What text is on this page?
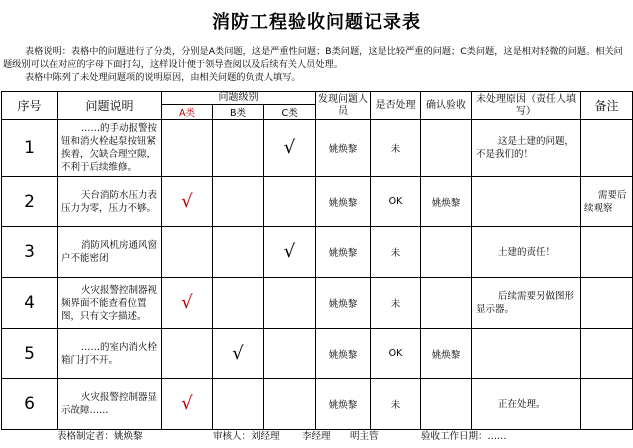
消防工程验收问题记录表

表格说明：表格中的问题进行了分类，分别是A类问题，这是严重性问题；B类问题，这是比较严重的问题；C类问题，这是相对轻微的问题。相关问题级别可以在对应的字母下面打勾，这样设计便于领导查阅以及后续有关人员处理。

表格中陈列了未处理问题项的说明原因，由相关问题的负责人填写。

序号	问题说明	问题级别			发现问题人员	是否处理	确认验收	未处理原因（责任人填写）	备注
		A类	B类	C类					
1	……的手动报警按钮和消火栓起泵按钮紧挨着，欠缺合理空隙，不利于后续维修。			√	姚焕黎	未		这是土建的问题，不是我们的！	

2	天台消防水压力表压力为零，压力不够。	√			姚焕黎	OK	姚焕黎		需要后续观察

3	消防风机房通风窗户不能密闭			√	姚焕黎	未		土建的责任！	

4	火灾报警控制器视频界面不能查看位置图，只有文字描述。	√			姚焕黎	未		后续需要另做图形显示器。	

5	……的室内消火栓箱门打不开。		√		姚焕黎	OK	姚焕黎	

6	火灾报警控制器显示故障……	√			姚焕黎	未		正在处理。	

表格制定者：姚焕黎	审核人：刘经理 李经理 明主管	验收工作日期：……
